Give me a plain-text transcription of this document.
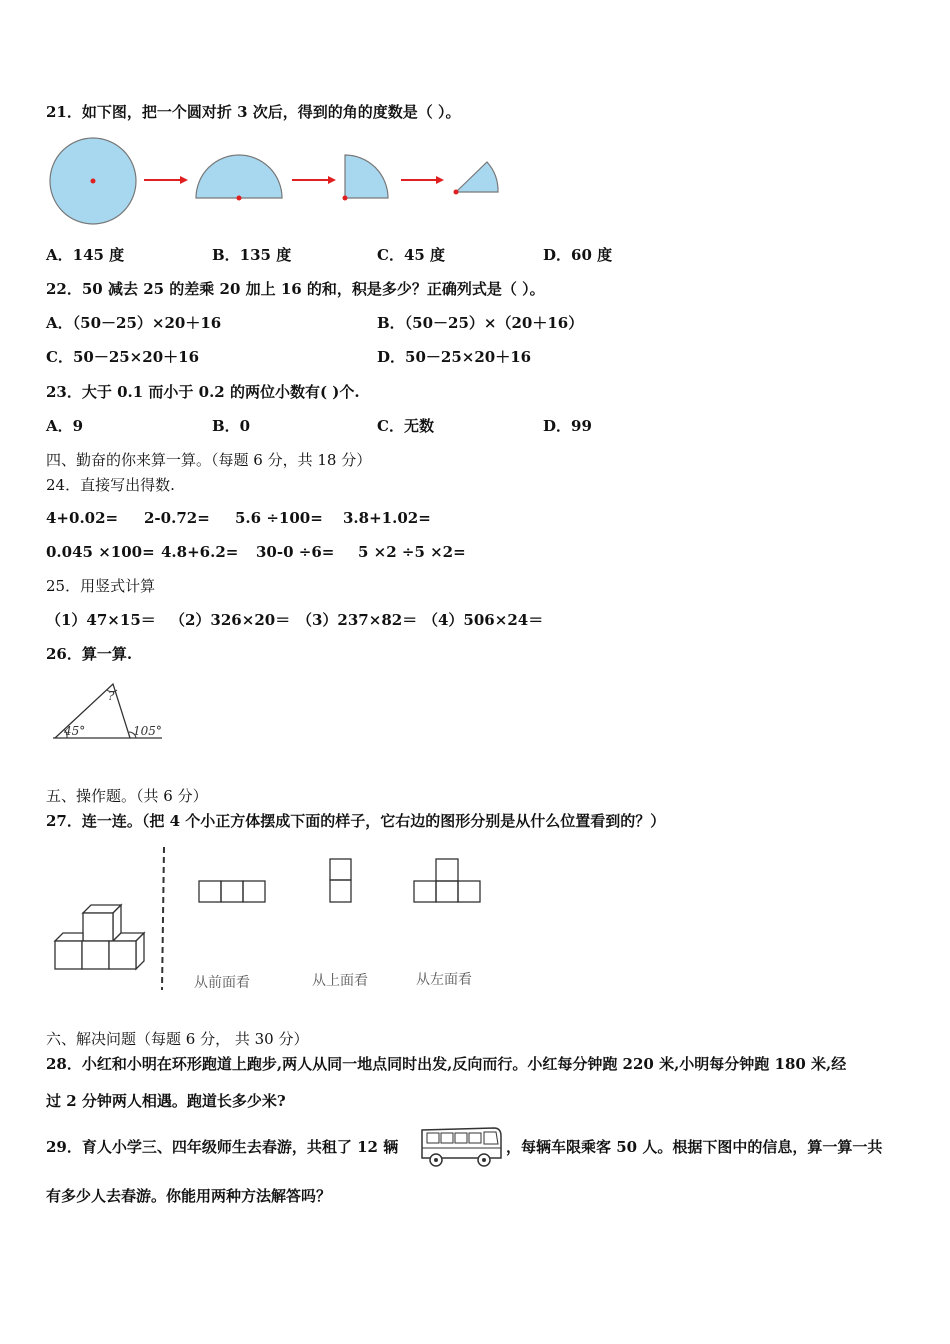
21．如下图，把一个圆对折 3 次后，得到的角的度数是（ ）。
A．145 度	B．135 度	C．45 度	D．60 度
22．50 减去 25 的差乘 20 加上 16 的和，积是多少？正确列式是（ ）。
A．（50－25）×20＋16	B．（50－25）×（20＋16）
C．50－25×20＋16	D．50－25×20＋16
23．大于 0.1 而小于 0.2 的两位小数有( )个.
A．9	B．0	C．无数	D．99
四、勤奋的你来算一算。（每题 6 分，共 18 分）
24．直接写出得数.
4+0.02= 2-0.72= 5.6 ÷100= 3.8+1.02=
0.045 ×100= 4.8+6.2= 30-0 ÷6= 5 ×2 ÷5 ×2=
25．用竖式计算
（1）47×15＝ （2）326×20＝ （3）237×82＝ （4）506×24＝
26．算一算.
45°	105°
?
五、操作题。（共 6 分）
27．连一连。（把 4 个小正方体摆成下面的样子，它右边的图形分别是从什么位置看到的？）
从前面看	从上面看	从左面看
六、解决问题（每题 6 分， 共 30 分）
28．小红和小明在环形跑道上跑步,两人从同一地点同时出发,反向而行。小红每分钟跑 220 米,小明每分钟跑 180 米,经
过 2 分钟两人相遇。跑道长多少米?
29．育人小学三、四年级师生去春游，共租了 12 辆	，每辆车限乘客 50 人。根据下图中的信息，算一算一共
有多少人去春游。你能用两种方法解答吗？
